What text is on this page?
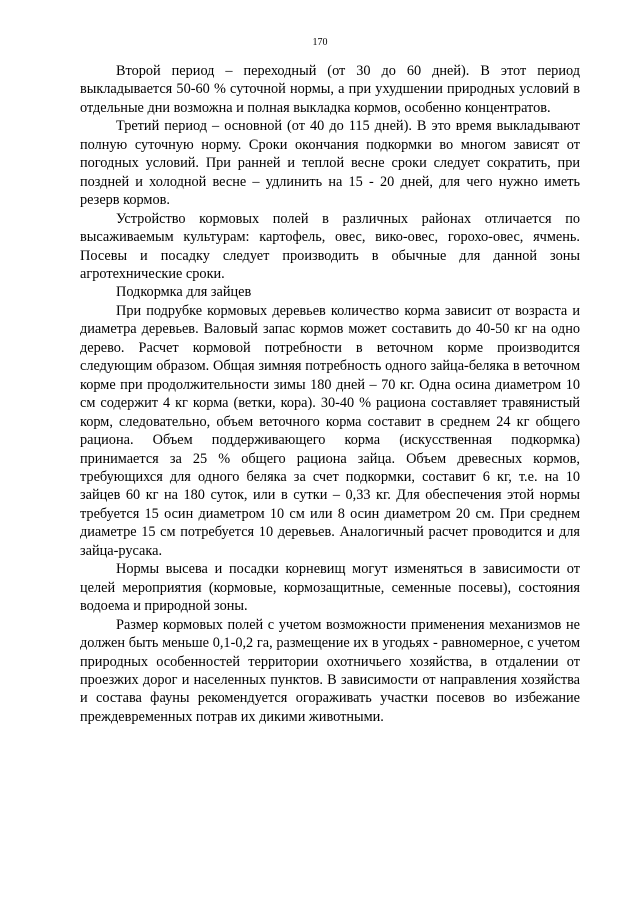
170

Второй период – переходный (от 30 до 60 дней). В этот период выкладывается 50-60 % суточной нормы, а при ухудшении природных условий в отдельные дни возможна и полная выкладка кормов, особенно концентратов.

Третий период – основной (от 40 до 115 дней). В это время выкладывают полную суточную норму. Сроки окончания подкормки во многом зависят от погодных условий. При ранней и теплой весне сроки следует сократить, при поздней и холодной весне – удлинить на 15 - 20 дней, для чего нужно иметь резерв кормов.

Устройство кормовых полей в различных районах отличается по высаживаемым культурам: картофель, овес, вико-овес, горохо-овес, ячмень. Посевы и посадку следует производить в обычные для данной зоны агротехнические сроки.

Подкормка для зайцев

При подрубке кормовых деревьев количество корма зависит от возраста и диаметра деревьев. Валовый запас кормов может составить до 40-50 кг на одно дерево. Расчет кормовой потребности в веточном корме производится следующим образом. Общая зимняя потребность одного зайца-беляка в веточном корме при продолжительности зимы 180 дней – 70 кг. Одна осина диаметром 10 см содержит 4 кг корма (ветки, кора). 30-40 % рациона составляет травянистый корм, следовательно, объем веточного корма составит в среднем 24 кг общего рациона. Объем поддерживающего корма (искусственная подкормка) принимается за 25 % общего рациона зайца. Объем древесных кормов, требующихся для одного беляка за счет подкормки, составит 6 кг, т.е. на 10 зайцев 60 кг на 180 суток, или в сутки – 0,33 кг. Для обеспечения этой нормы требуется 15 осин диаметром 10 см или 8 осин диаметром 20 см. При среднем диаметре 15 см потребуется 10 деревьев. Аналогичный расчет проводится и для зайца-русака.

Нормы высева и посадки корневищ могут изменяться в зависимости от целей мероприятия (кормовые, кормозащитные, семенные посевы), состояния водоема и природной зоны.

Размер кормовых полей с учетом возможности применения механизмов не должен быть меньше 0,1-0,2 га, размещение их в угодьях - равномерное, с учетом природных особенностей территории охотничьего хозяйства, в отдалении от проезжих дорог и населенных пунктов. В зависимости от направления хозяйства и состава фауны рекомендуется огораживать участки посевов во избежание преждевременных потрав их дикими животными.
